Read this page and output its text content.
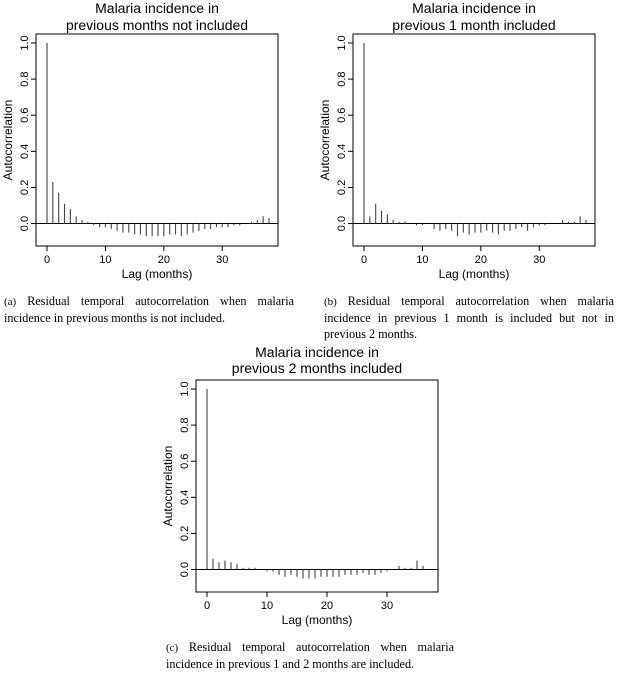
Malaria incidence in
previous months not included
0.0
0.2
0.4
0.6
0.8
1.0
0	10	20	30
Lag (months)
Autocorrelation
(a) Residual temporal autocorrelation when malaria incidence in previous months is not included.
Malaria incidence in
previous 1 month included
0.0
0.2
0.4
0.6
0.8
1.0
0	10	20	30
Lag (months)
Autocorrelation
(b) Residual temporal autocorrelation when malaria incidence in previous 1 month is included but not in previous 2 months.
Malaria incidence in
previous 2 months included
0.0
0.2
0.4
0.6
0.8
1.0
0	10	20	30
Lag (months)
Autocorrelation
(c) Residual temporal autocorrelation when malaria incidence in previous 1 and 2 months are included.
